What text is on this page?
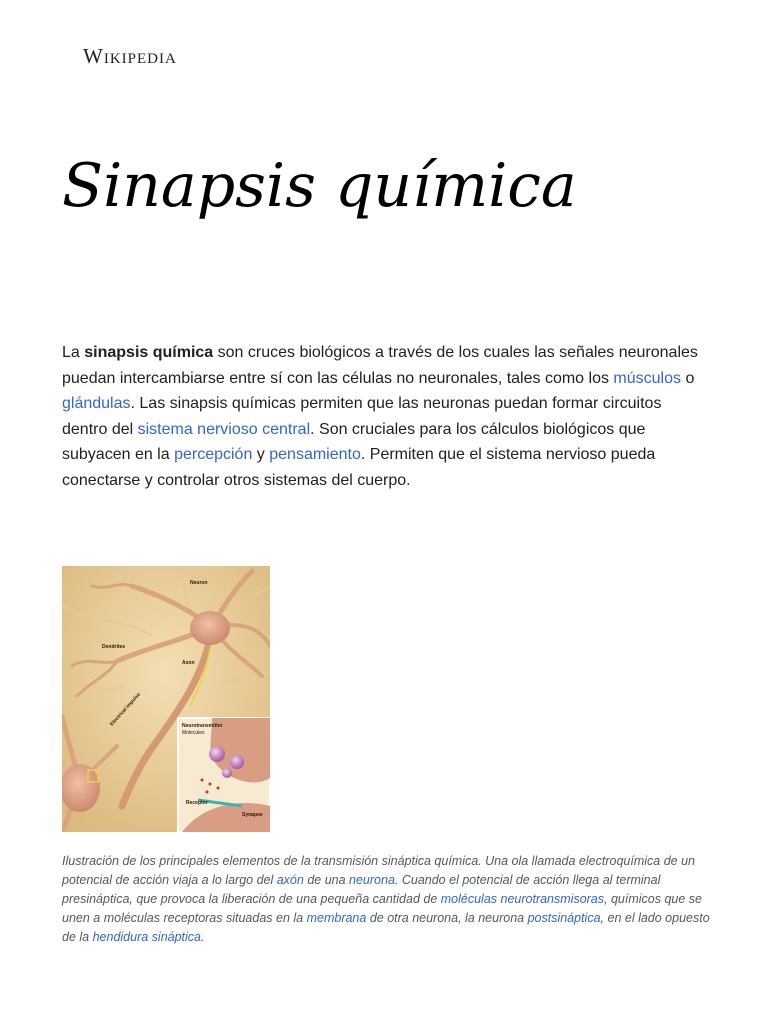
Wikipedia
Sinapsis química

La sinapsis química son cruces biológicos a través de los cuales las señales neuronales puedan intercambiarse entre sí con las células no neuronales, tales como los músculos o glándulas. Las sinapsis químicas permiten que las neuronas puedan formar circuitos dentro del sistema nervioso central. Son cruciales para los cálculos biológicos que subyacen en la percepción y pensamiento. Permiten que el sistema nervioso pueda conectarse y controlar otros sistemas del cuerpo.

Neuron
Dendrites
Axon
Electrical impulse	Neurotransmitter
Molecules
Receptor
Synapse

Ilustración de los principales elementos de la transmisión sináptica química. Una ola llamada electroquímica de un potencial de acción viaja a lo largo del axón de una neurona. Cuando el potencial de acción llega al terminal presináptica, que provoca la liberación de una pequeña cantidad de moléculas neurotransmisoras, químicos que se unen a moléculas receptoras situadas en la membrana de otra neurona, la neurona postsináptica, en el lado opuesto de la hendidura sináptica.
